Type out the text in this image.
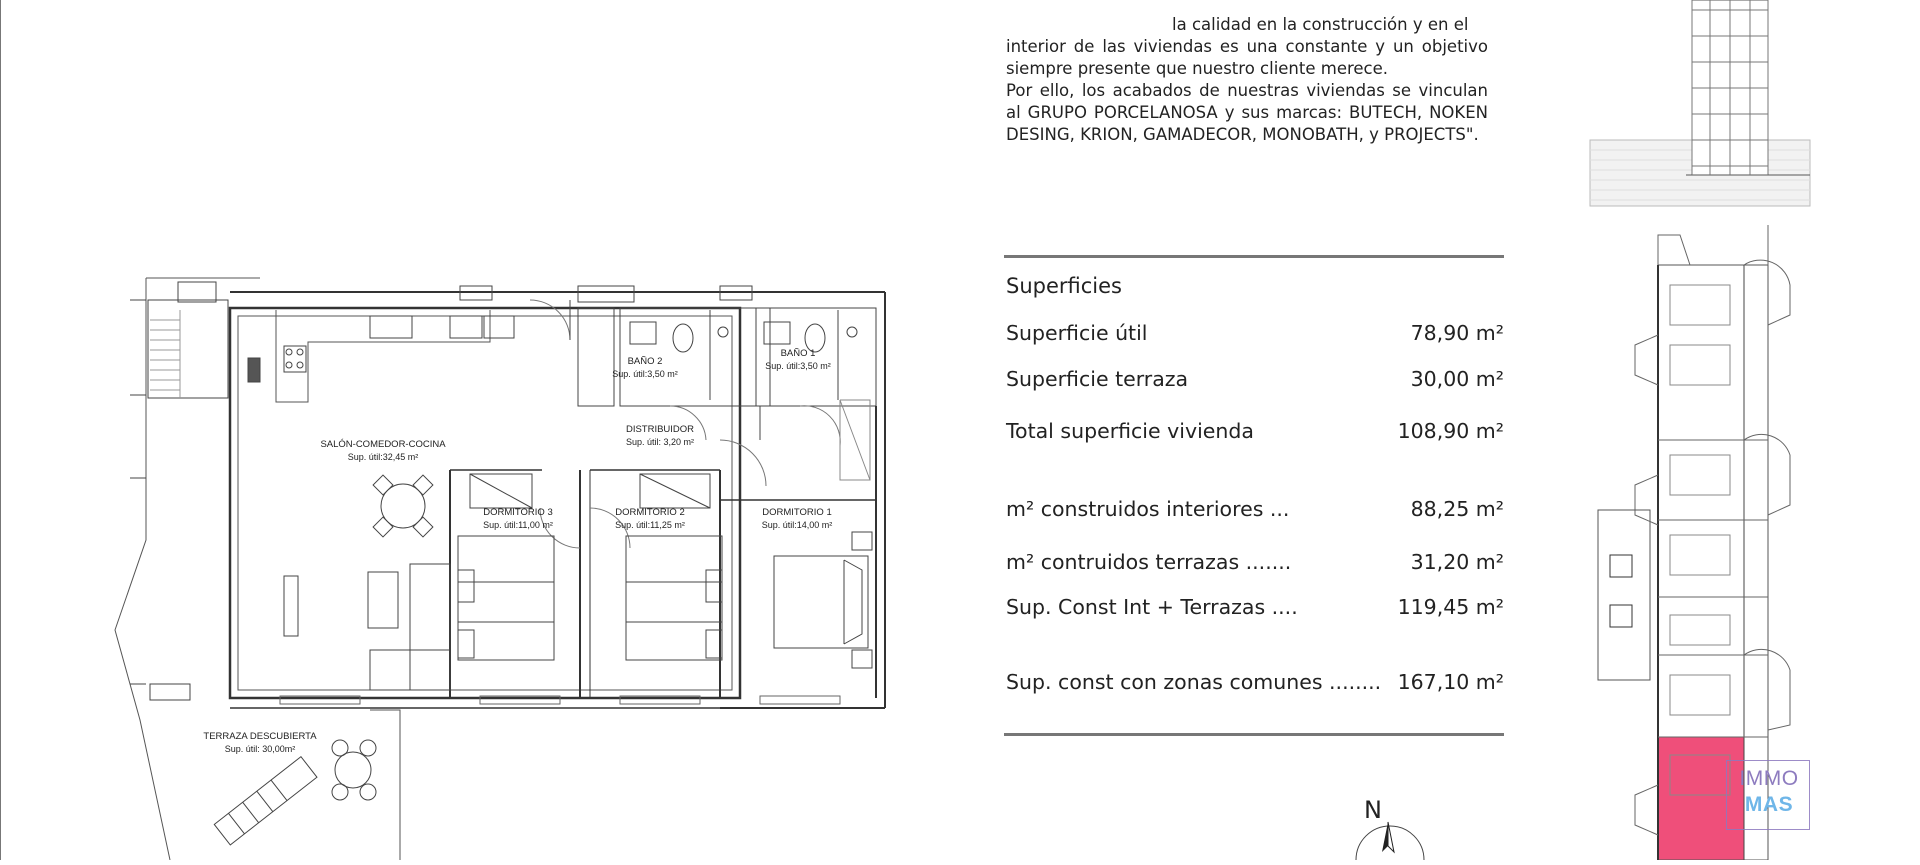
BAÑO 2
Sup. útil:3,50 m²
BAÑO 1
Sup. útil:3,50 m²
DISTRIBUIDOR
Sup. útil: 3,20 m²
SALÓN-COMEDOR-COCINA
Sup. útil:32,45 m²
DORMITORIO 3
Sup. útil:11,00 m²
DORMITORIO 2
Sup. útil:11,25 m²
DORMITORIO 1
Sup. útil:14,00 m²
TERRAZA DESCUBIERTA
Sup. útil: 30,00m²

la calidad en la construcción y en el

interior de las viviendas es una constante y un objetivo siempre presente que nuestro cliente merece.

Por ello, los acabados de nuestras viviendas se vinculan al GRUPO PORCELANOSA y sus marcas: BUTECH, NOKEN DESING, KRION, GAMADECOR, MONOBATH, y PROJECTS".

Superficies
Superficie útil	78,90 m²
Superficie terraza	30,00 m²
Total superficie vivienda	108,90 m²
m² construidos interiores ...	88,25 m²
m² contruidos terrazas .......	31,20 m²
Sup. Const Int + Terrazas ....	119,45 m²
Sup. const con zonas comunes ........ 167,10 m²
N
IMMO
MAS
